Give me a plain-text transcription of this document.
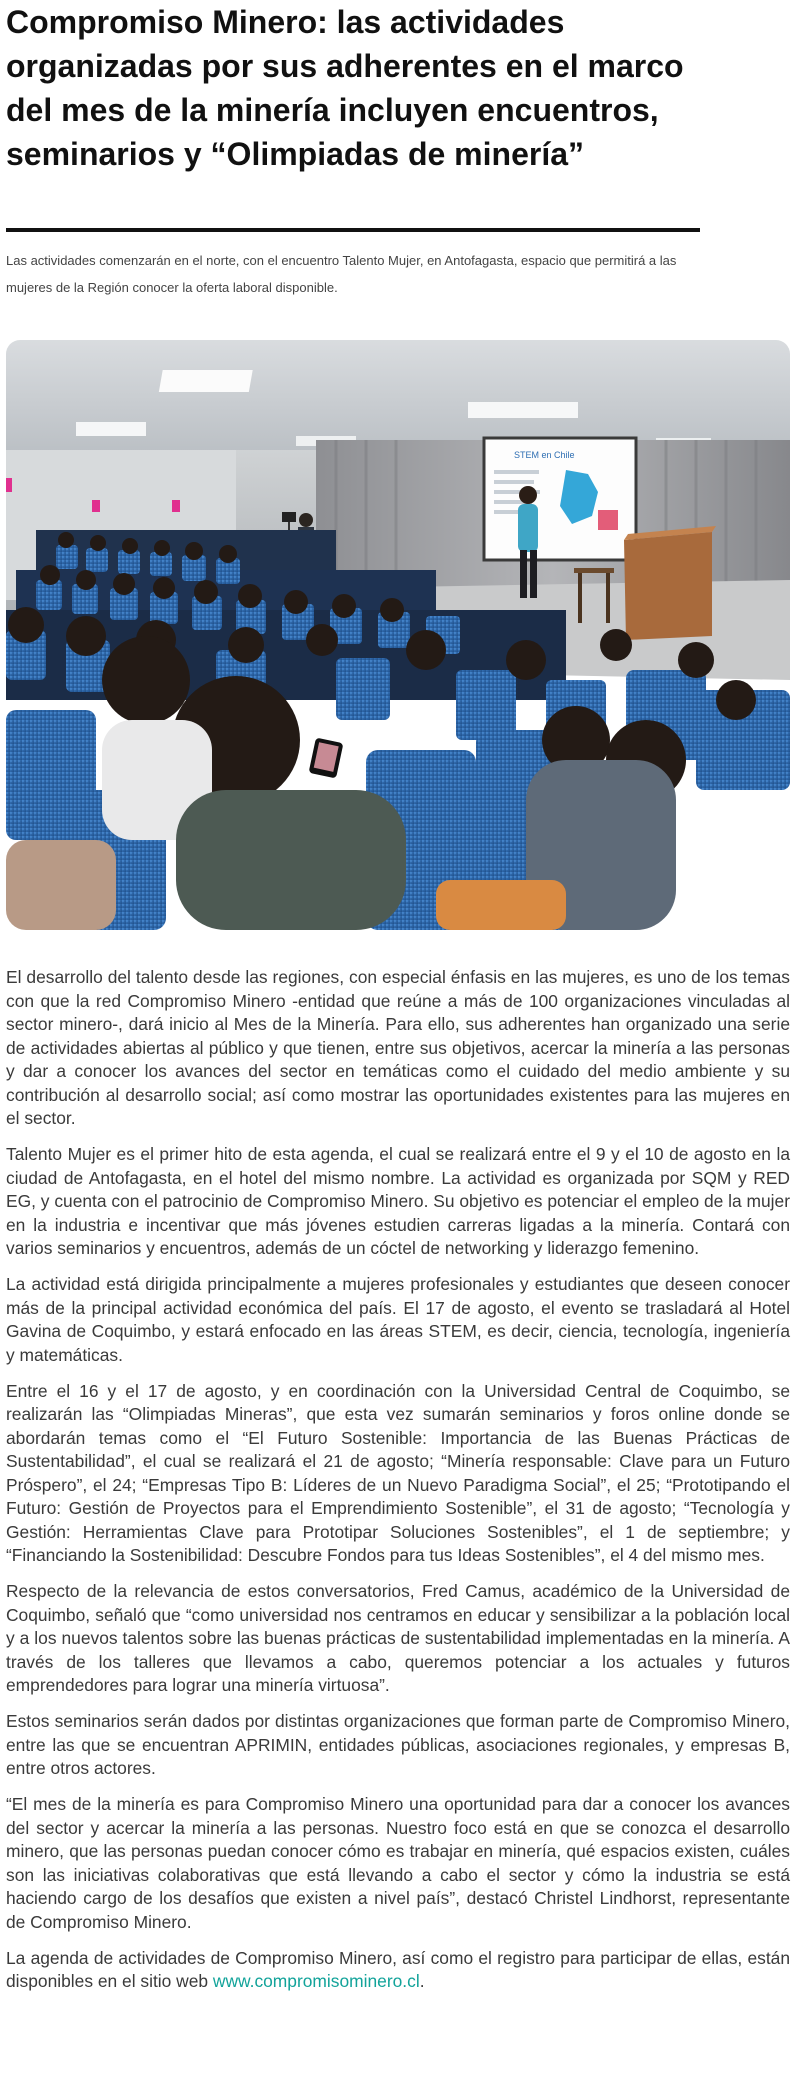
Compromiso Minero: las actividades organizadas por sus adherentes en el marco del mes de la minería incluyen encuentros, seminarios y “Olimpiadas de minería”
Las actividades comenzarán en el norte, con el encuentro Talento Mujer, en Antofagasta, espacio que permitirá a las mujeres de la Región conocer la oferta laboral disponible.
STEM en Chile

El desarrollo del talento desde las regiones, con especial énfasis en las mujeres, es uno de los temas con que la red Compromiso Minero -entidad que reúne a más de 100 organizaciones vinculadas al sector minero-, dará inicio al Mes de la Minería. Para ello, sus adherentes han organizado una serie de actividades abiertas al público y que tienen, entre sus objetivos, acercar la minería a las personas y dar a conocer los avances del sector en temáticas como el cuidado del medio ambiente y su contribución al desarrollo social; así como mostrar las oportunidades existentes para las mujeres en el sector.

Talento Mujer es el primer hito de esta agenda, el cual se realizará entre el 9 y el 10 de agosto en la ciudad de Antofagasta, en el hotel del mismo nombre. La actividad es organizada por SQM y RED EG, y cuenta con el patrocinio de Compromiso Minero. Su objetivo es potenciar el empleo de la mujer en la industria e incentivar que más jóvenes estudien carreras ligadas a la minería. Contará con varios seminarios y encuentros, además de un cóctel de networking y liderazgo femenino.

La actividad está dirigida principalmente a mujeres profesionales y estudiantes que deseen conocer más de la principal actividad económica del país. El 17 de agosto, el evento se trasladará al Hotel Gavina de Coquimbo, y estará enfocado en las áreas STEM, es decir, ciencia, tecnología, ingeniería y matemáticas.

Entre el 16 y el 17 de agosto, y en coordinación con la Universidad Central de Coquimbo, se realizarán las “Olimpiadas Mineras”, que esta vez sumarán seminarios y foros online donde se abordarán temas como el “El Futuro Sostenible: Importancia de las Buenas Prácticas de Sustentabilidad”, el cual se realizará el 21 de agosto; “Minería responsable: Clave para un Futuro Próspero”, el 24; “Empresas Tipo B: Líderes de un Nuevo Paradigma Social”, el 25; “Prototipando el Futuro: Gestión de Proyectos para el Emprendimiento Sostenible”, el 31 de agosto; “Tecnología y Gestión: Herramientas Clave para Prototipar Soluciones Sostenibles”, el 1 de septiembre; y “Financiando la Sostenibilidad: Descubre Fondos para tus Ideas Sostenibles”, el 4 del mismo mes.

Respecto de la relevancia de estos conversatorios, Fred Camus, académico de la Universidad de Coquimbo, señaló que “como universidad nos centramos en educar y sensibilizar a la población local y a los nuevos talentos sobre las buenas prácticas de sustentabilidad implementadas en la minería. A través de los talleres que llevamos a cabo, queremos potenciar a los actuales y futuros emprendedores para lograr una minería virtuosa”.

Estos seminarios serán dados por distintas organizaciones que forman parte de Compromiso Minero, entre las que se encuentran APRIMIN, entidades públicas, asociaciones regionales, y empresas B, entre otros actores.

“El mes de la minería es para Compromiso Minero una oportunidad para dar a conocer los avances del sector y acercar la minería a las personas. Nuestro foco está en que se conozca el desarrollo minero, que las personas puedan conocer cómo es trabajar en minería, qué espacios existen, cuáles son las iniciativas colaborativas que está llevando a cabo el sector y cómo la industria se está haciendo cargo de los desafíos que existen a nivel país”, destacó Christel Lindhorst, representante de Compromiso Minero.

La agenda de actividades de Compromiso Minero, así como el registro para participar de ellas, están disponibles en el sitio web www.compromisominero.cl.
